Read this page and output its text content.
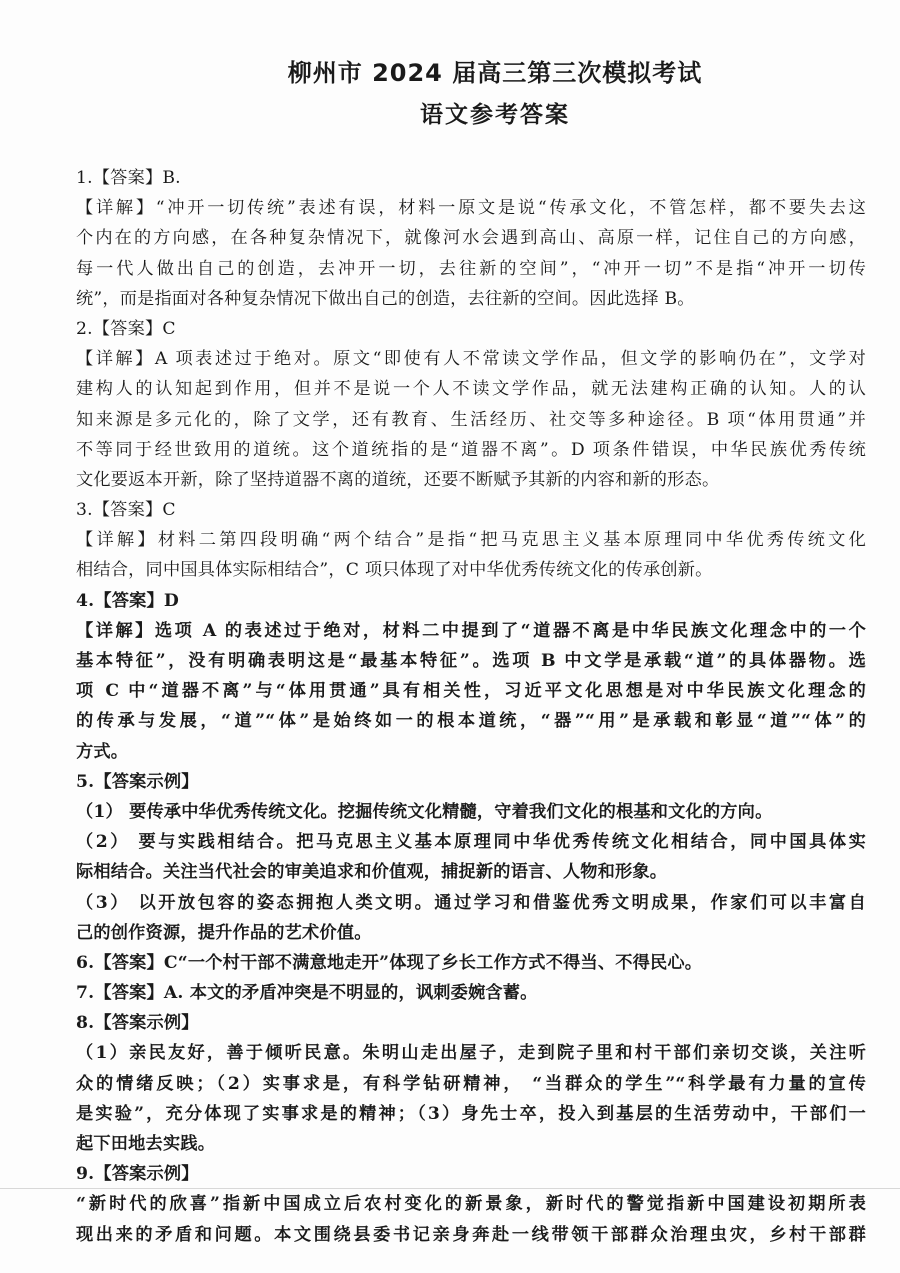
柳州市 2024 届高三第三次模拟考试
语文参考答案
1.【答案】B.
【详解】“冲开一切传统”表述有误，材料一原文是说“传承文化，不管怎样，都不要失去这
个内在的方向感，在各种复杂情况下，就像河水会遇到高山、高原一样，记住自己的方向感，
每一代人做出自己的创造，去冲开一切，去往新的空间”，“冲开一切”不是指“冲开一切传
统”，而是指面对各种复杂情况下做出自己的创造，去往新的空间。因此选择 B。
2.【答案】C
【详解】A 项表述过于绝对。原文“即使有人不常读文学作品，但文学的影响仍在”，文学对
建构人的认知起到作用，但并不是说一个人不读文学作品，就无法建构正确的认知。人的认
知来源是多元化的，除了文学，还有教育、生活经历、社交等多种途径。B 项“体用贯通”并
不等同于经世致用的道统。这个道统指的是“道器不离”。D 项条件错误，中华民族优秀传统
文化要返本开新，除了坚持道器不离的道统，还要不断赋予其新的内容和新的形态。
3.【答案】C
【详解】材料二第四段明确“两个结合”是指“把马克思主义基本原理同中华优秀传统文化
相结合，同中国具体实际相结合”，C 项只体现了对中华优秀传统文化的传承创新。
4.【答案】D
【详解】选项 A 的表述过于绝对，材料二中提到了“道器不离是中华民族文化理念中的一个
基本特征”，没有明确表明这是“最基本特征”。选项 B 中文学是承载“道”的具体器物。选
项 C 中“道器不离”与“体用贯通”具有相关性，习近平文化思想是对中华民族文化理念的
的传承与发展，“道”“体”是始终如一的根本道统，“器”“用”是承载和彰显“道”“体”的
方式。
5.【答案示例】
（1） 要传承中华优秀传统文化。挖掘传统文化精髓，守着我们文化的根基和文化的方向。
（2） 要与实践相结合。把马克思主义基本原理同中华优秀传统文化相结合，同中国具体实
际相结合。关注当代社会的审美追求和价值观，捕捉新的语言、人物和形象。
（3） 以开放包容的姿态拥抱人类文明。通过学习和借鉴优秀文明成果，作家们可以丰富自
己的创作资源，提升作品的艺术价值。
6.【答案】C“一个村干部不满意地走开”体现了乡长工作方式不得当、不得民心。
7.【答案】A. 本文的矛盾冲突是不明显的，讽刺委婉含蓄。
8.【答案示例】
（1）亲民友好，善于倾听民意。朱明山走出屋子，走到院子里和村干部们亲切交谈，关注听
众的情绪反映；（2）实事求是，有科学钻研精神， “当群众的学生”“科学最有力量的宣传
是实验”，充分体现了实事求是的精神；（3）身先士卒，投入到基层的生活劳动中，干部们一
起下田地去实践。
9.【答案示例】
“新时代的欣喜”指新中国成立后农村变化的新景象，新时代的警觉指新中国建设初期所表
现出来的矛盾和问题。本文围绕县委书记亲身奔赴一线带领干部群众治理虫灾，乡村干部群
